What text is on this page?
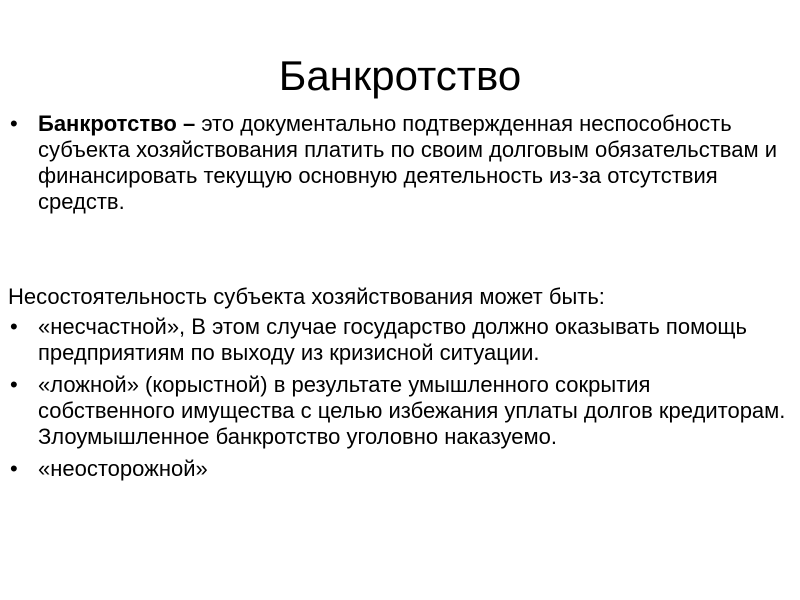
Банкротство
• Банкротство – это документально подтвержденная неспособность субъекта хозяйствования платить по своим долговым обязательствам и финансировать текущую основную деятельность из-за отсутствия средств.
Несостоятельность субъекта хозяйствования может быть:
• «несчастной», В этом случае государство должно оказывать помощь предприятиям по выходу из кризисной ситуации.
• «ложной» (корыстной) в результате умышленного сокрытия собственного имущества с целью избежания уплаты долгов кредиторам. Злоумышленное банкротство уголовно наказуемо.
• «неосторожной»
